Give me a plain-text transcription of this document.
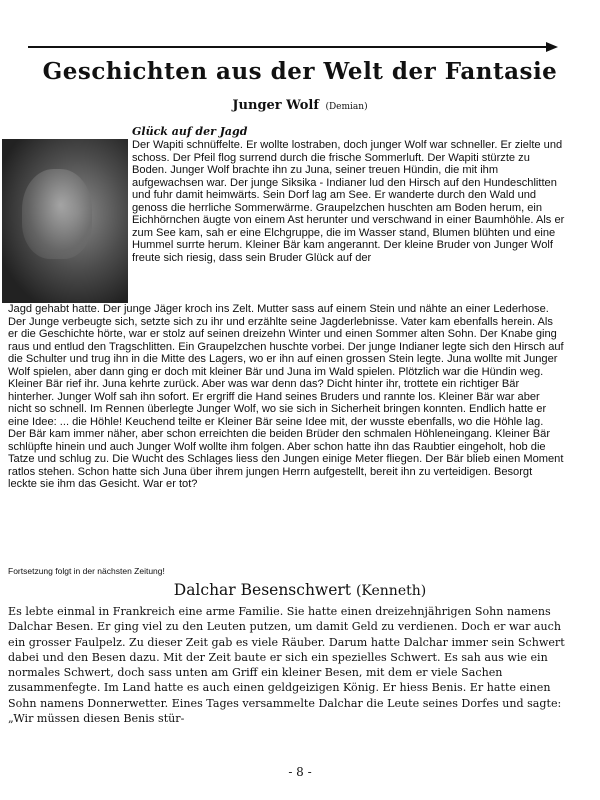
Geschichten aus der Welt der Fantasie
Junger Wolf (Demian)
Glück auf der Jagd

Der Wapiti schnüffelte. Er wollte lostraben, doch junger Wolf war schneller. Er zielte und schoss. Der Pfeil flog surrend durch die frische Sommerluft. Der Wapiti stürzte zu Boden. Junger Wolf brachte ihn zu Juna, seiner treuen Hündin, die mit ihm aufgewachsen war. Der junge Siksika - Indianer lud den Hirsch auf den Hundeschlitten und fuhr damit heimwärts. Sein Dorf lag am See. Er wanderte durch den Wald und genoss die herrliche Sommerwärme. Graupelzchen huschten am Boden herum, ein Eichhörnchen äugte von einem Ast herunter und verschwand in einer Baumhöhle. Als er zum See kam, sah er eine Elchgruppe, die im Wasser stand, Blumen blühten und eine Hummel surrte herum. Kleiner Bär kam angerannt. Der kleine Bruder von Junger Wolf freute sich riesig, dass sein Bruder Glück auf der

Jagd gehabt hatte. Der junge Jäger kroch ins Zelt. Mutter sass auf einem Stein und nähte an einer Lederhose. Der Junge verbeugte sich, setzte sich zu ihr und erzählte seine Jagderlebnisse. Vater kam ebenfalls herein. Als er die Geschichte hörte, war er stolz auf seinen dreizehn Winter und einen Sommer alten Sohn. Der Knabe ging raus und entlud den Tragschlitten. Ein Graupelzchen huschte vorbei. Der junge Indianer legte sich den Hirsch auf die Schulter und trug ihn in die Mitte des Lagers, wo er ihn auf einen grossen Stein legte. Juna wollte mit Junger Wolf spielen, aber dann ging er doch mit kleiner Bär und Juna im Wald spielen. Plötzlich war die Hündin weg. Kleiner Bär rief ihr. Juna kehrte zurück. Aber was war denn das? Dicht hinter ihr, trottete ein richtiger Bär hinterher. Junger Wolf sah ihn sofort. Er ergriff die Hand seines Bruders und rannte los. Kleiner Bär war aber nicht so schnell. Im Rennen überlegte Junger Wolf, wo sie sich in Sicherheit bringen konnten. Endlich hatte er eine Idee: ... die Höhle! Keuchend teilte er Kleiner Bär seine Idee mit, der wusste ebenfalls, wo die Höhle lag. Der Bär kam immer näher, aber schon erreichten die beiden Brüder den schmalen Höhleneingang. Kleiner Bär schlüpfte hinein und auch Junger Wolf wollte ihm folgen. Aber schon hatte ihn das Raubtier eingeholt, hob die Tatze und schlug zu. Die Wucht des Schlages liess den Jungen einige Meter fliegen. Der Bär blieb einen Moment ratlos stehen. Schon hatte sich Juna über ihrem jungen Herrn aufgestellt, bereit ihn zu verteidigen. Besorgt leckte sie ihm das Gesicht. War er tot?

Fortsetzung folgt in der nächsten Zeitung!
Dalchar Besenschwert (Kenneth)

Es lebte einmal in Frankreich eine arme Familie. Sie hatte einen dreizehnjährigen Sohn namens Dalchar Besen. Er ging viel zu den Leuten putzen, um damit Geld zu verdienen. Doch er war auch ein grosser Faulpelz. Zu dieser Zeit gab es viele Räuber. Darum hatte Dalchar immer sein Schwert dabei und den Besen dazu. Mit der Zeit baute er sich ein spezielles Schwert. Es sah aus wie ein normales Schwert, doch sass unten am Griff ein kleiner Besen, mit dem er viele Sachen zusammenfegte. Im Land hatte es auch einen geldgeizigen König. Er hiess Benis. Er hatte einen Sohn namens Donnerwetter. Eines Tages versammelte Dalchar die Leute seines Dorfes und sagte: „Wir müssen diesen Benis stür-

- 8 -
